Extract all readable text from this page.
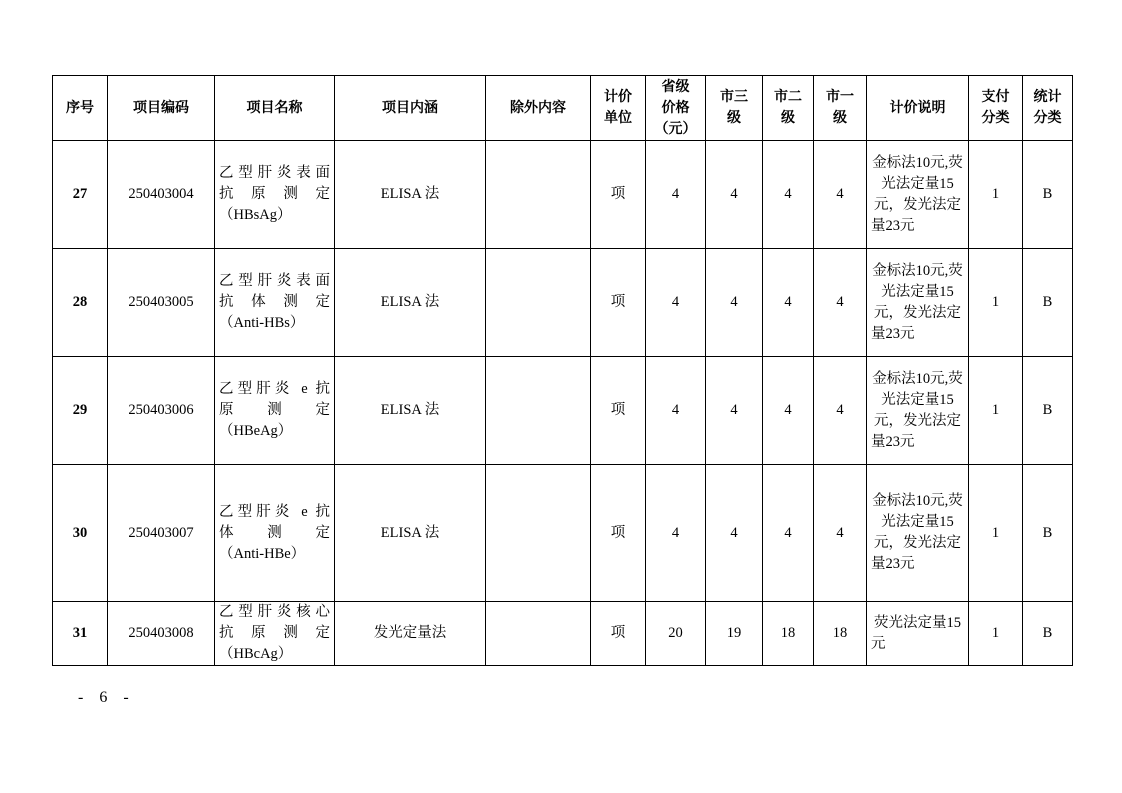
序号	项目编码	项目名称	项目内涵	除外内容	计价
单位	省级
价格
（元）	市三
级	市二
级	市一
级	计价说明	支付
分类	统计
分类
27	250403004	乙型肝炎表面
抗 原 测 定
（HBsAg）	ELISA 法		项	4	4	4	4	金标法10元,荧光法定量15元，发光法定量23元	1	B
28	250403005	乙型肝炎表面
抗 体 测 定
（Anti-HBs）	ELISA 法		项	4	4	4	4	金标法10元,荧光法定量15元，发光法定量23元	1	B
29	250403006	乙型肝炎 e 抗
原 测 定
（HBeAg）	ELISA 法		项	4	4	4	4	金标法10元,荧光法定量15元，发光法定量23元	1	B
30	250403007	乙型肝炎 e 抗
体 测 定
（Anti-HBe）	ELISA 法		项	4	4	4	4	金标法10元,荧光法定量15元，发光法定量23元	1	B
31	250403008	乙型肝炎核心
抗 原 测 定
（HBcAg）	发光定量法		项	20	19	18	18	荧光法定量15元	1	B
- 6 -
